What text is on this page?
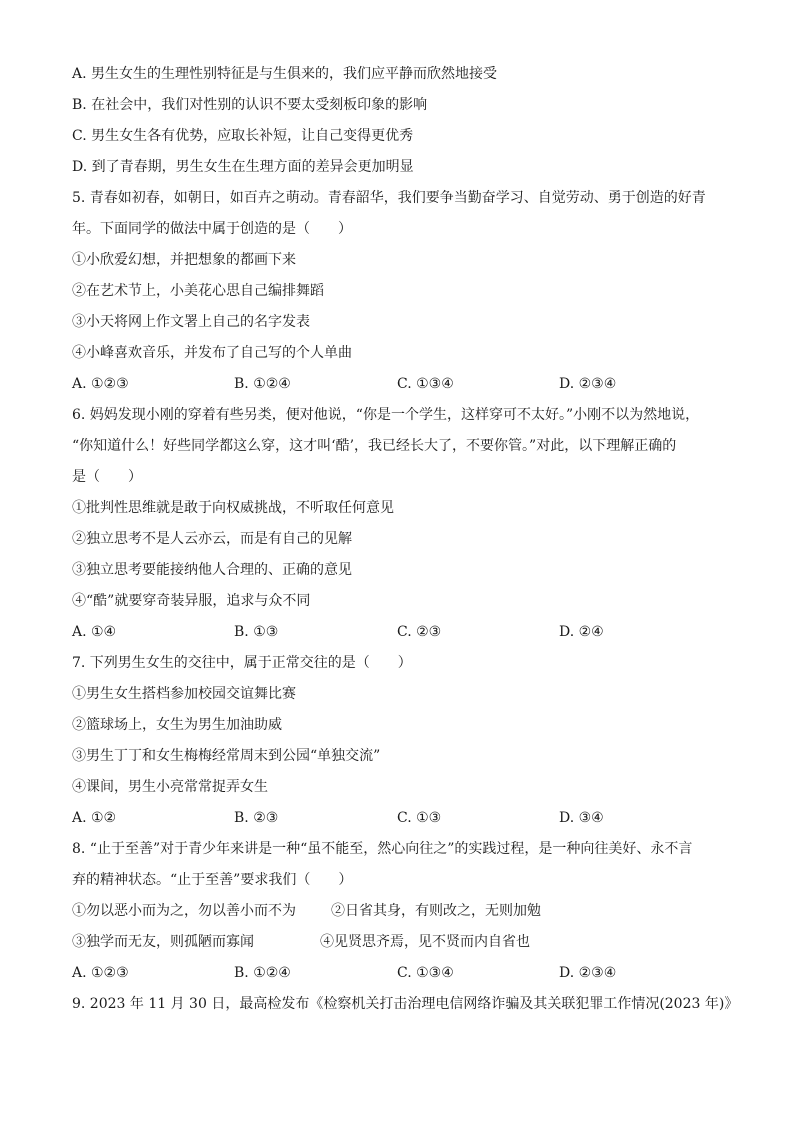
A. 男生女生的生理性别特征是与生俱来的，我们应平静而欣然地接受
B. 在社会中，我们对性别的认识不要太受刻板印象的影响
C. 男生女生各有优势，应取长补短，让自己变得更优秀
D. 到了青春期，男生女生在生理方面的差异会更加明显
5. 青春如初春，如朝日，如百卉之萌动。青春韶华，我们要争当勤奋学习、自觉劳动、勇于创造的好青
年。下面同学的做法中属于创造的是（　　）
①小欣爱幻想，并把想象的都画下来
②在艺术节上，小美花心思自己编排舞蹈
③小天将网上作文署上自己的名字发表
④小峰喜欢音乐，并发布了自己写的个人单曲
A. ①②③	B. ①②④	C. ①③④	D. ②③④
6. 妈妈发现小刚的穿着有些另类，便对他说，“你是一个学生，这样穿可不太好。”小刚不以为然地说，
“你知道什么！好些同学都这么穿，这才叫‘酷’，我已经长大了，不要你管。”对此，以下理解正确的
是（　　）
①批判性思维就是敢于向权威挑战，不听取任何意见
②独立思考不是人云亦云，而是有自己的见解
③独立思考要能接纳他人合理的、正确的意见
④“酷”就要穿奇装异服，追求与众不同
A. ①④	B. ①③	C. ②③	D. ②④
7. 下列男生女生的交往中，属于正常交往的是（　　）
①男生女生搭档参加校园交谊舞比赛
②篮球场上，女生为男生加油助威
③男生丁丁和女生梅梅经常周末到公园“单独交流”
④课间，男生小亮常常捉弄女生
A. ①②	B. ②③	C. ①③	D. ③④
8. “止于至善”对于青少年来讲是一种“虽不能至，然心向往之”的实践过程，是一种向往美好、永不言
弃的精神状态。“止于至善”要求我们（　　）
①勿以恶小而为之，勿以善小而不为	②日省其身，有则改之，无则加勉
③独学而无友，则孤陋而寡闻	④见贤思齐焉，见不贤而内自省也
A. ①②③	B. ①②④	C. ①③④	D. ②③④
9. 2023 年 11 月 30 日，最高检发布《检察机关打击治理电信网络诈骗及其关联犯罪工作情况(2023 年)》
